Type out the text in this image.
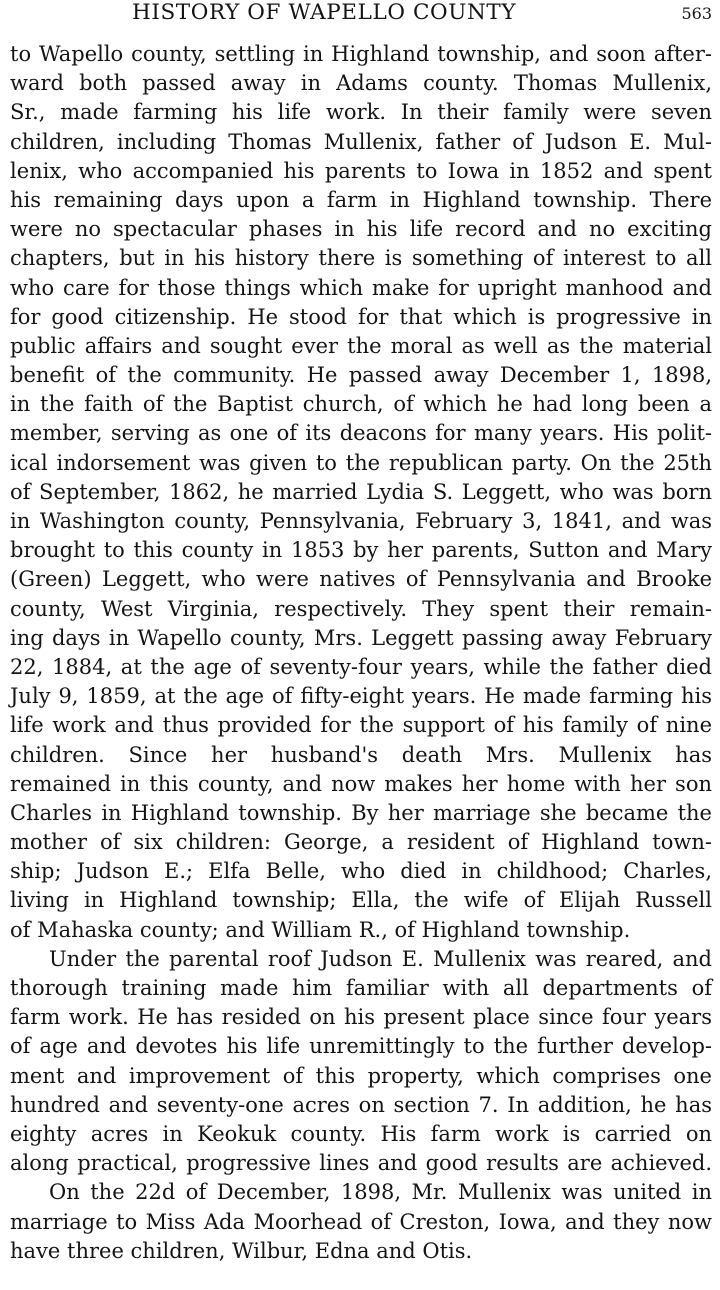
HISTORY OF WAPELLO COUNTY	563
to Wapello county, settling in Highland township, and soon after-
ward both passed away in Adams county. Thomas Mullenix,
Sr., made farming his life work. In their family were seven
children, including Thomas Mullenix, father of Judson E. Mul-
lenix, who accompanied his parents to Iowa in 1852 and spent
his remaining days upon a farm in Highland township. There
were no spectacular phases in his life record and no exciting
chapters, but in his history there is something of interest to all
who care for those things which make for upright manhood and
for good citizenship. He stood for that which is progressive in
public affairs and sought ever the moral as well as the material
benefit of the community. He passed away December 1, 1898,
in the faith of the Baptist church, of which he had long been a
member, serving as one of its deacons for many years. His polit-
ical indorsement was given to the republican party. On the 25th
of September, 1862, he married Lydia S. Leggett, who was born
in Washington county, Pennsylvania, February 3, 1841, and was
brought to this county in 1853 by her parents, Sutton and Mary
(Green) Leggett, who were natives of Pennsylvania and Brooke
county, West Virginia, respectively. They spent their remain-
ing days in Wapello county, Mrs. Leggett passing away February
22, 1884, at the age of seventy-four years, while the father died
July 9, 1859, at the age of fifty-eight years. He made farming his
life work and thus provided for the support of his family of nine
children. Since her husband's death Mrs. Mullenix has
remained in this county, and now makes her home with her son
Charles in Highland township. By her marriage she became the
mother of six children: George, a resident of Highland town-
ship; Judson E.; Elfa Belle, who died in childhood; Charles,
living in Highland township; Ella, the wife of Elijah Russell
of Mahaska county; and William R., of Highland township.
Under the parental roof Judson E. Mullenix was reared, and
thorough training made him familiar with all departments of
farm work. He has resided on his present place since four years
of age and devotes his life unremittingly to the further develop-
ment and improvement of this property, which comprises one
hundred and seventy-one acres on section 7. In addition, he has
eighty acres in Keokuk county. His farm work is carried on
along practical, progressive lines and good results are achieved.
On the 22d of December, 1898, Mr. Mullenix was united in
marriage to Miss Ada Moorhead of Creston, Iowa, and they now
have three children, Wilbur, Edna and Otis.
